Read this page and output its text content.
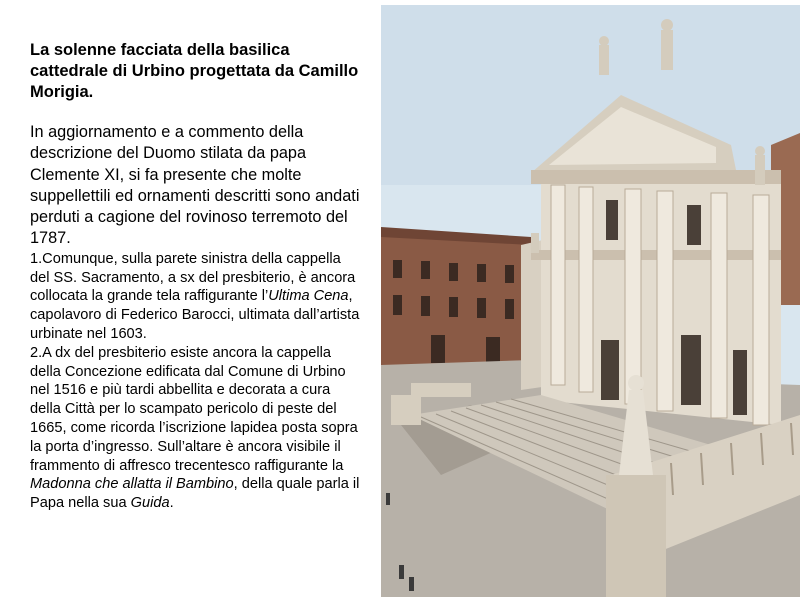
La solenne facciata della basilica cattedrale di Urbino progettata da Camillo Morigia.

In aggiornamento e a commento della descrizione del Duomo stilata da papa Clemente XI, si fa presente che molte suppellettili ed ornamenti descritti sono andati perduti a cagione del rovinoso terremoto del 1787.

1.Comunque, sulla parete sinistra della cappella del SS. Sacramento, a sx del presbiterio, è ancora collocata la grande tela raffigurante l’Ultima Cena, capolavoro di Federico Barocci, ultimata dall’artista urbinate nel 1603.

2.A dx del presbiterio esiste ancora la cappella della Concezione edificata dal Comune di Urbino nel 1516 e più tardi abbellita e decorata a cura della Città per lo scampato pericolo di peste del 1665, come ricorda l’iscrizione lapidea posta sopra la porta d’ingresso. Sull’altare è ancora visibile il frammento di affresco trecentesco raffigurante la Madonna che allatta il Bambino, della quale parla il Papa nella sua Guida.
